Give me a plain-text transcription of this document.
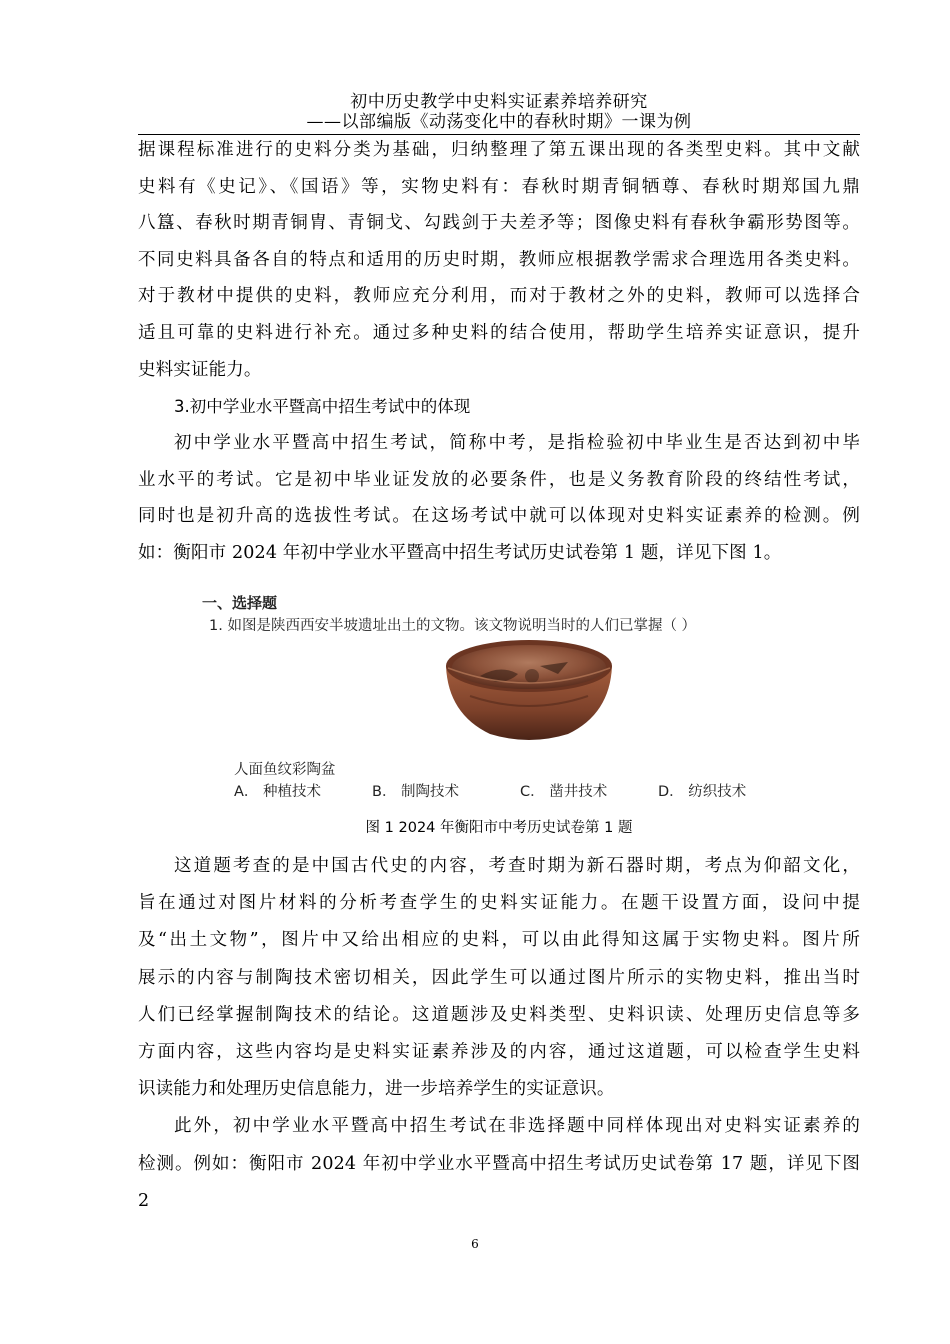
初中历史教学中史料实证素养培养研究
——以部编版《动荡变化中的春秋时期》一课为例

据课程标准进行的史料分类为基础，归纳整理了第五课出现的各类型史料。其中文献
史料有《史记》、《国语》等，实物史料有：春秋时期青铜牺尊、春秋时期郑国九鼎
八簋、春秋时期青铜胄、青铜戈、勾践剑于夫差矛等；图像史料有春秋争霸形势图等。
不同史料具备各自的特点和适用的历史时期，教师应根据教学需求合理选用各类史料。
对于教材中提供的史料，教师应充分利用，而对于教材之外的史料，教师可以选择合
适且可靠的史料进行补充。通过多种史料的结合使用，帮助学生培养实证意识，提升
史料实证能力。

3.初中学业水平暨高中招生考试中的体现

初中学业水平暨高中招生考试，简称中考，是指检验初中毕业生是否达到初中毕
业水平的考试。它是初中毕业证发放的必要条件，也是义务教育阶段的终结性考试，
同时也是初升高的选拔性考试。在这场考试中就可以体现对史料实证素养的检测。例
如：衡阳市 2024 年初中学业水平暨高中招生考试历史试卷第 1 题，详见下图 1。

一、选择题
1. 如图是陕西西安半坡遗址出土的文物。该文物说明当时的人们已掌握（ ）
人面鱼纹彩陶盆
A． 种植技术	B． 制陶技术	C． 凿井技术	D． 纺织技术
图 1 2024 年衡阳市中考历史试卷第 1 题

这道题考查的是中国古代史的内容，考查时期为新石器时期，考点为仰韶文化，
旨在通过对图片材料的分析考查学生的史料实证能力。在题干设置方面，设问中提
及“出土文物”，图片中又给出相应的史料，可以由此得知这属于实物史料。图片所
展示的内容与制陶技术密切相关，因此学生可以通过图片所示的实物史料，推出当时
人们已经掌握制陶技术的结论。这道题涉及史料类型、史料识读、处理历史信息等多
方面内容，这些内容均是史料实证素养涉及的内容，通过这道题，可以检查学生史料
识读能力和处理历史信息能力，进一步培养学生的实证意识。

此外，初中学业水平暨高中招生考试在非选择题中同样体现出对史料实证素养的
检测。例如：衡阳市 2024 年初中学业水平暨高中招生考试历史试卷第 17 题，详见下图
2

6
